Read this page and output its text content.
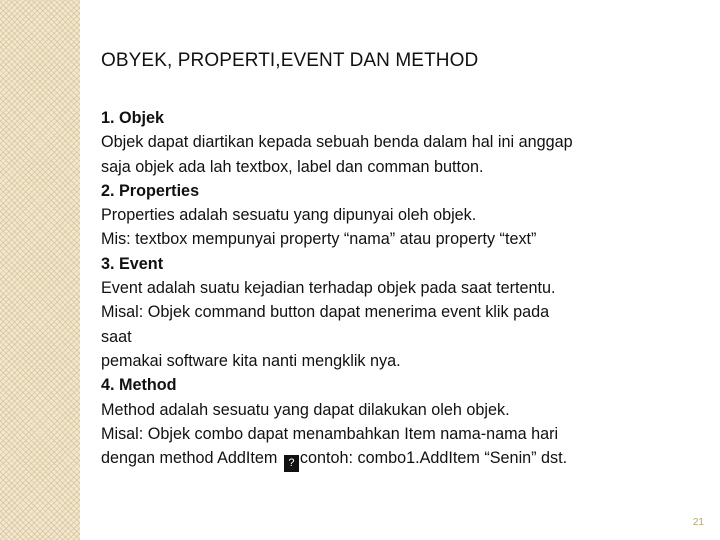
OBYEK, PROPERTI,EVENT DAN METHOD
1. Objek
Objek dapat diartikan kepada sebuah benda dalam hal ini anggap
saja objek ada lah textbox, label dan comman button.
2. Properties
Properties adalah sesuatu yang dipunyai oleh objek.
Mis: textbox mempunyai property “nama” atau property “text”
3. Event
Event adalah suatu kejadian terhadap objek pada saat tertentu.
Misal: Objek command button dapat menerima event klik pada
saat
pemakai software kita nanti mengklik nya.
4. Method
Method adalah sesuatu yang dapat dilakukan oleh objek.
Misal: Objek combo dapat menambahkan Item nama-nama hari
dengan method AddItem ? contoh: combo1.AddItem “Senin” dst.
21
